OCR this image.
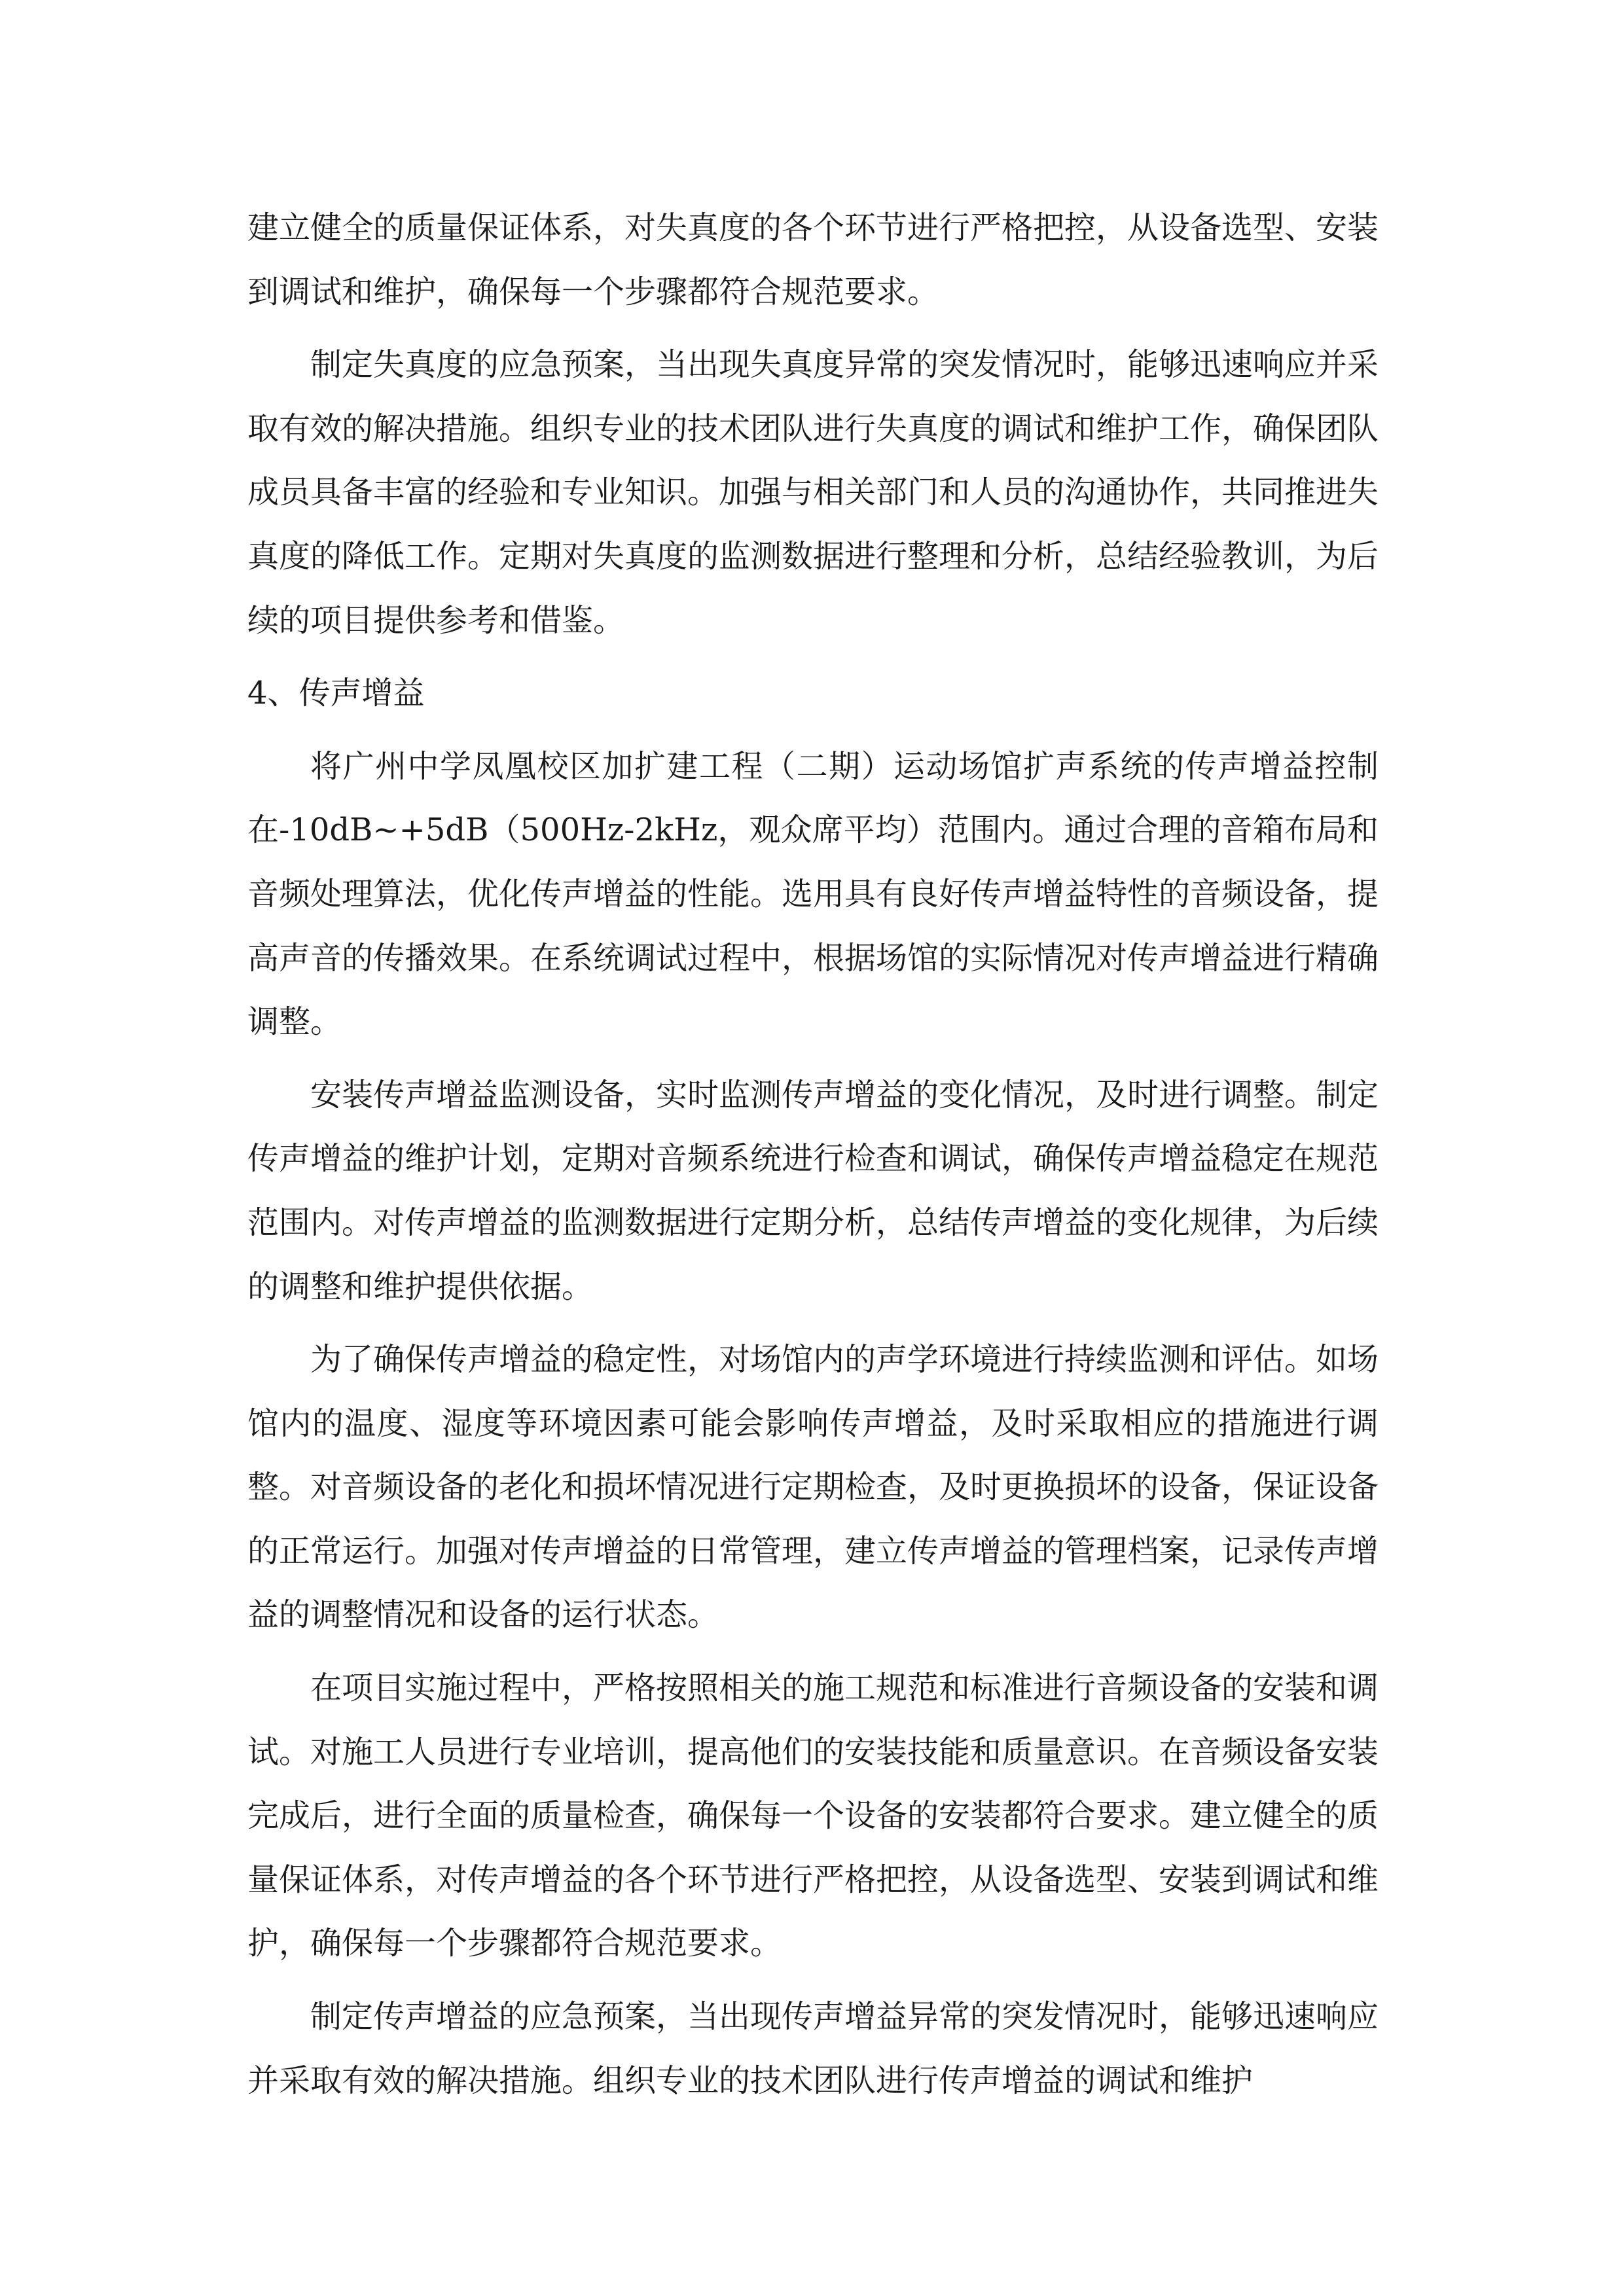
建立健全的质量保证体系，对失真度的各个环节进行严格把控，从设备选型、安装到调试和维护，确保每一个步骤都符合规范要求。

制定失真度的应急预案，当出现失真度异常的突发情况时，能够迅速响应并采取有效的解决措施。组织专业的技术团队进行失真度的调试和维护工作，确保团队成员具备丰富的经验和专业知识。加强与相关部门和人员的沟通协作，共同推进失真度的降低工作。定期对失真度的监测数据进行整理和分析，总结经验教训，为后续的项目提供参考和借鉴。

4、传声增益

将广州中学凤凰校区加扩建工程（二期）运动场馆扩声系统的传声增益控制在-10dB~+5dB（500Hz-2kHz，观众席平均）范围内。通过合理的音箱布局和音频处理算法，优化传声增益的性能。选用具有良好传声增益特性的音频设备，提高声音的传播效果。在系统调试过程中，根据场馆的实际情况对传声增益进行精确调整。

安装传声增益监测设备，实时监测传声增益的变化情况，及时进行调整。制定传声增益的维护计划，定期对音频系统进行检查和调试，确保传声增益稳定在规范范围内。对传声增益的监测数据进行定期分析，总结传声增益的变化规律，为后续的调整和维护提供依据。

为了确保传声增益的稳定性，对场馆内的声学环境进行持续监测和评估。如场馆内的温度、湿度等环境因素可能会影响传声增益，及时采取相应的措施进行调整。对音频设备的老化和损坏情况进行定期检查，及时更换损坏的设备，保证设备的正常运行。加强对传声增益的日常管理，建立传声增益的管理档案，记录传声增益的调整情况和设备的运行状态。

在项目实施过程中，严格按照相关的施工规范和标准进行音频设备的安装和调试。对施工人员进行专业培训，提高他们的安装技能和质量意识。在音频设备安装完成后，进行全面的质量检查，确保每一个设备的安装都符合要求。建立健全的质量保证体系，对传声增益的各个环节进行严格把控，从设备选型、安装到调试和维护，确保每一个步骤都符合规范要求。

制定传声增益的应急预案，当出现传声增益异常的突发情况时，能够迅速响应并采取有效的解决措施。组织专业的技术团队进行传声增益的调试和维护
